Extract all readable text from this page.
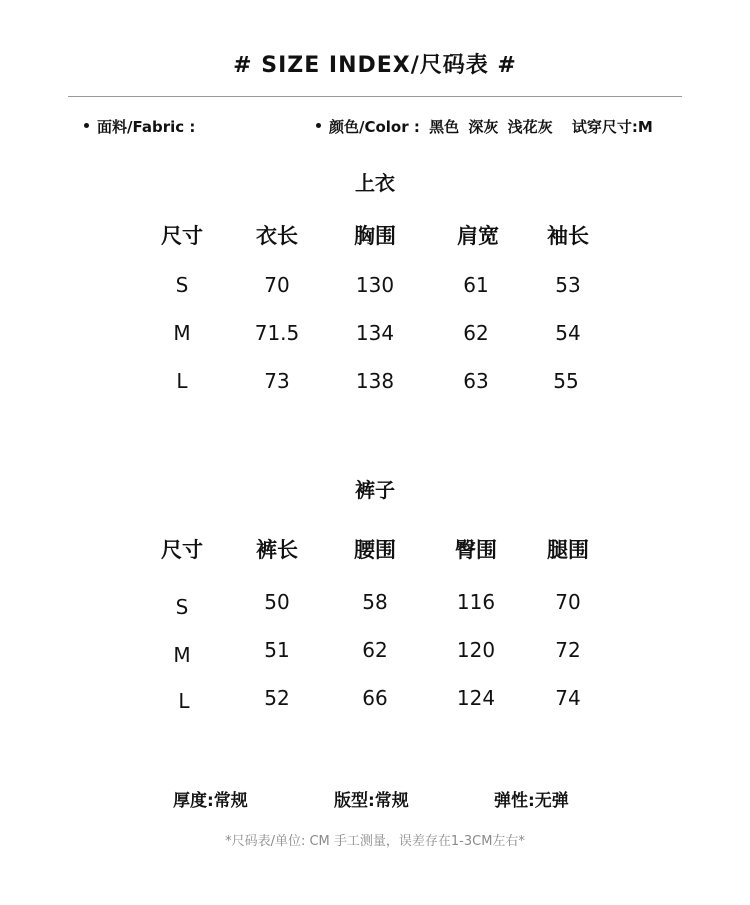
# SIZE INDEX/尺码表 #
面料/Fabric :	颜色/Color : 黑色 深灰 浅花灰 试穿尺寸:M
上衣
尺寸	衣长	胸围	肩宽	袖长
S	70	130	61	53
M	71.5	134	62	54
L	73	138	63	55
裤子
尺寸	裤长	腰围	臀围	腿围
S	50	58	116	70
M	51	62	120	72
L	52	66	124	74
厚度:常规	版型:常规	弹性:无弹
*尺码表/单位: CM 手工测量，误差存在1-3CM左右*
